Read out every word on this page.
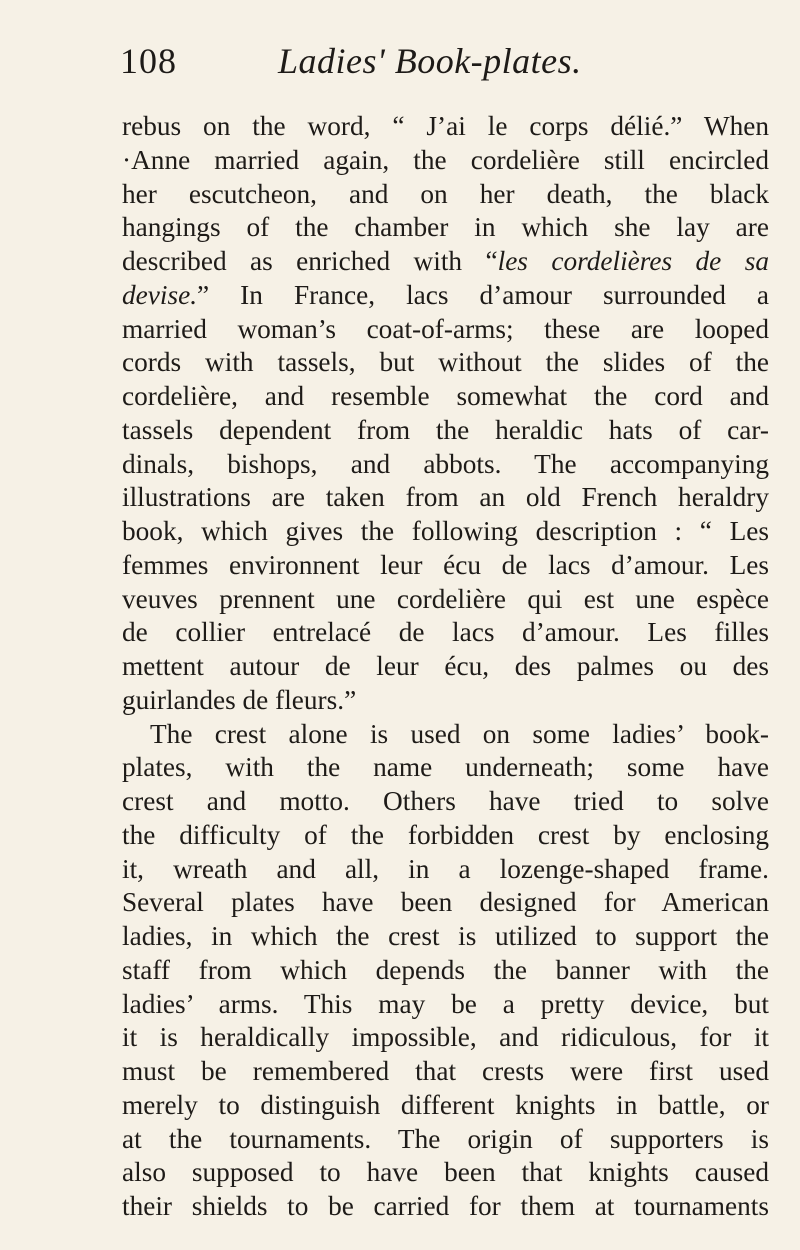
108	Ladies' Book-plates.
rebus on the word, “ J’ai le corps délié.” When
·Anne married again, the cordelière still encircled
her escutcheon, and on her death, the black
hangings of the chamber in which she lay are
described as enriched with “les cordelières de sa
devise.” In France, lacs d’amour surrounded a
married woman’s coat-of-arms; these are looped
cords with tassels, but without the slides of the
cordelière, and resemble somewhat the cord and
tassels dependent from the heraldic hats of car-
dinals, bishops, and abbots. The accompanying
illustrations are taken from an old French heraldry
book, which gives the following description : “ Les
femmes environnent leur écu de lacs d’amour. Les
veuves prennent une cordelière qui est une espèce
de collier entrelacé de lacs d’amour. Les filles
mettent autour de leur écu, des palmes ou des
guirlandes de fleurs.”
The crest alone is used on some ladies’ book-
plates, with the name underneath; some have
crest and motto. Others have tried to solve
the difficulty of the forbidden crest by enclosing
it, wreath and all, in a lozenge-shaped frame.
Several plates have been designed for American
ladies, in which the crest is utilized to support the
staff from which depends the banner with the
ladies’ arms. This may be a pretty device, but
it is heraldically impossible, and ridiculous, for it
must be remembered that crests were first used
merely to distinguish different knights in battle, or
at the tournaments. The origin of supporters is
also supposed to have been that knights caused
their shields to be carried for them at tournaments
